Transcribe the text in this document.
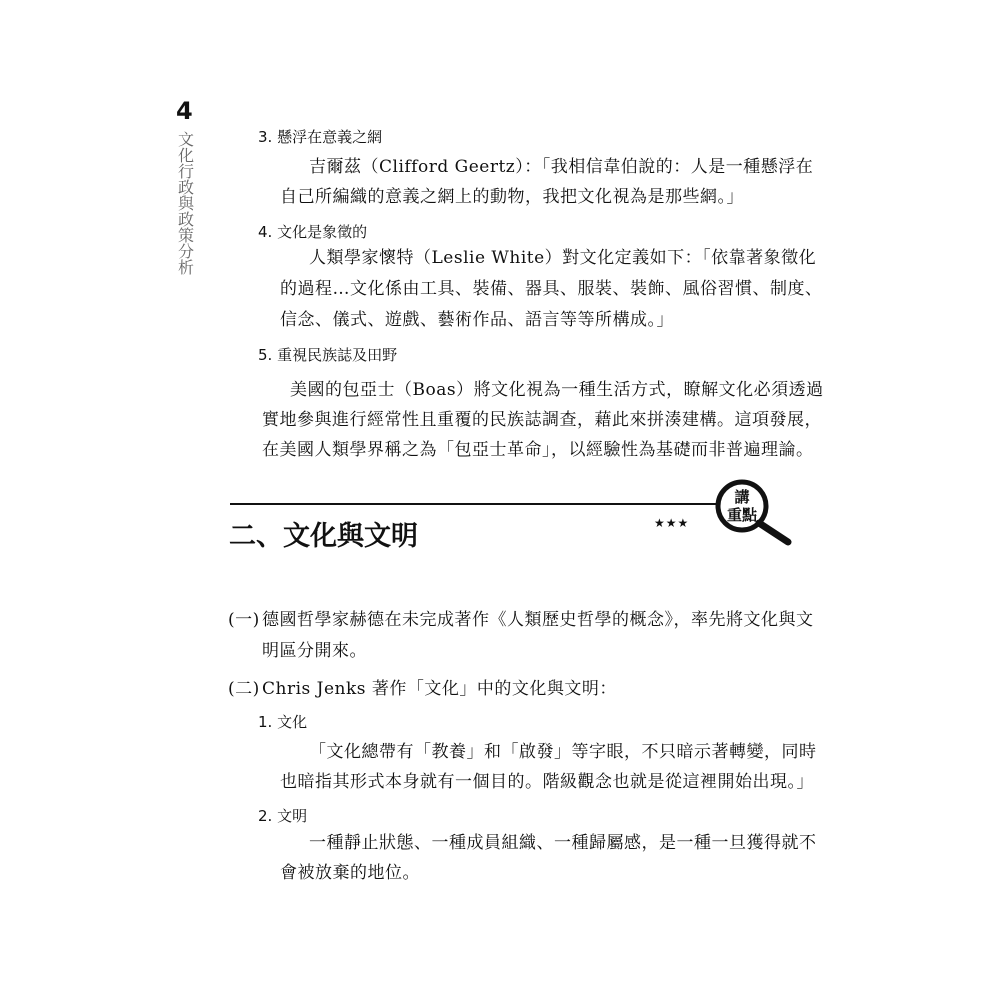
4
文化行政與政策分析
3. 懸浮在意義之網
吉爾茲（Clifford Geertz）：「我相信韋伯說的：人是一種懸浮在
自己所編織的意義之網上的動物，我把文化視為是那些網。」
4. 文化是象徵的
人類學家懷特（Leslie White）對文化定義如下：「依靠著象徵化
的過程…文化係由工具、裝備、器具、服裝、裝飾、風俗習慣、制度、
信念、儀式、遊戲、藝術作品、語言等等所構成。」
5. 重視民族誌及田野
美國的包亞士（Boas）將文化視為一種生活方式，瞭解文化必須透過
實地參與進行經常性且重覆的民族誌調查，藉此來拼湊建構。這項發展，
在美國人類學界稱之為「包亞士革命」，以經驗性為基礎而非普遍理論。
二、文化與文明	★★★
講
重點
(一) 德國哲學家赫德在未完成著作《人類歷史哲學的概念》，率先將文化與文
明區分開來。
(二) Chris Jenks 著作「文化」中的文化與文明：
1. 文化
「文化總帶有「教養」和「啟發」等字眼，不只暗示著轉變，同時
也暗指其形式本身就有一個目的。階級觀念也就是從這裡開始出現。」
2. 文明
一種靜止狀態、一種成員組織、一種歸屬感，是一種一旦獲得就不
會被放棄的地位。
